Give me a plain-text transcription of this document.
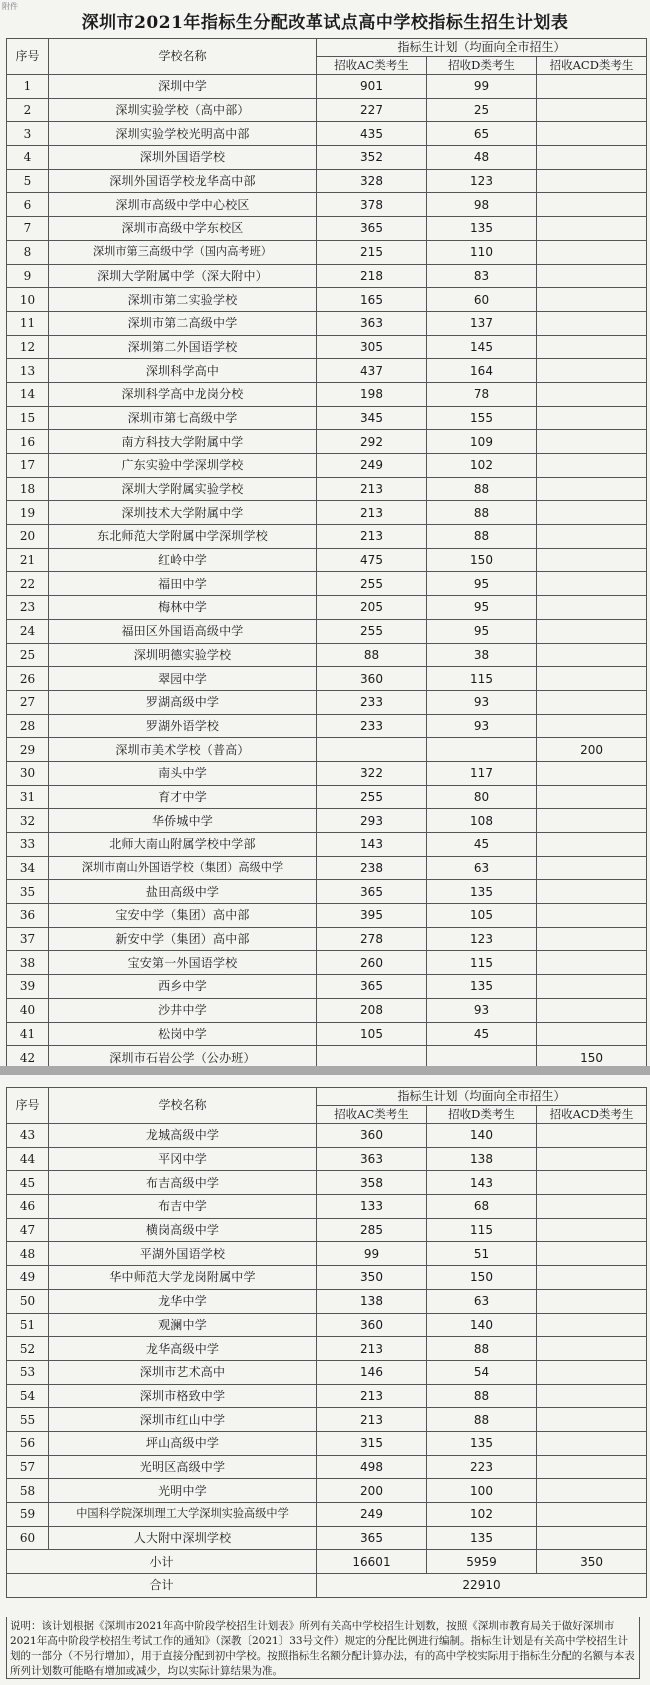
附件
深圳市2021年指标生分配改革试点高中学校指标生招生计划表
序号	学校名称	指标生计划（均面向全市招生）		
		招收AC类考生	招收D类考生	招收ACD类考生
1	深圳中学	901	99	
2	深圳实验学校（高中部）	227	25	
3	深圳实验学校光明高中部	435	65	
4	深圳外国语学校	352	48	
5	深圳外国语学校龙华高中部	328	123	
6	深圳市高级中学中心校区	378	98	
7	深圳市高级中学东校区	365	135	
8	深圳市第三高级中学（国内高考班）	215	110	
9	深圳大学附属中学（深大附中）	218	83	
10	深圳市第二实验学校	165	60	
11	深圳市第二高级中学	363	137	
12	深圳第二外国语学校	305	145	
13	深圳科学高中	437	164	
14	深圳科学高中龙岗分校	198	78	
15	深圳市第七高级中学	345	155	
16	南方科技大学附属中学	292	109	
17	广东实验中学深圳学校	249	102	
18	深圳大学附属实验学校	213	88	
19	深圳技术大学附属中学	213	88	
20	东北师范大学附属中学深圳学校	213	88	
21	红岭中学	475	150	
22	福田中学	255	95	
23	梅林中学	205	95	
24	福田区外国语高级中学	255	95	
25	深圳明德实验学校	88	38	
26	翠园中学	360	115	
27	罗湖高级中学	233	93	
28	罗湖外语学校	233	93	
29	深圳市美术学校（普高）			200
30	南头中学	322	117	
31	育才中学	255	80	
32	华侨城中学	293	108	
33	北师大南山附属学校中学部	143	45	
34	深圳市南山外国语学校（集团）高级中学	238	63	
35	盐田高级中学	365	135	
36	宝安中学（集团）高中部	395	105	
37	新安中学（集团）高中部	278	123	
38	宝安第一外国语学校	260	115	
39	西乡中学	365	135	
40	沙井中学	208	93	
41	松岗中学	105	45	
42	深圳市石岩公学（公办班）			150
序号	学校名称	指标生计划（均面向全市招生）		
		招收AC类考生	招收D类考生	招收ACD类考生
43	龙城高级中学	360	140	
44	平冈中学	363	138	
45	布吉高级中学	358	143	
46	布吉中学	133	68	
47	横岗高级中学	285	115	
48	平湖外国语学校	99	51	
49	华中师范大学龙岗附属中学	350	150	
50	龙华中学	138	63	
51	观澜中学	360	140	
52	龙华高级中学	213	88	
53	深圳市艺术高中	146	54	
54	深圳市格致中学	213	88	
55	深圳市红山中学	213	88	
56	坪山高级中学	315	135	
57	光明区高级中学	498	223	
58	光明中学	200	100	
59	中国科学院深圳理工大学深圳实验高级中学	249	102	
60	人大附中深圳学校	365	135	
小计		16601	5959	350
合计		22910		
说明：该计划根据《深圳市2021年高中阶段学校招生计划表》所列有关高中学校招生计划数，按照《深圳市教育局关于做好深圳市2021年高中阶段学校招生考试工作的通知》（深教〔2021〕33号文件）规定的分配比例进行编制。指标生计划是有关高中学校招生计划的一部分（不另行增加），用于直接分配到初中学校。按照指标生名额分配计算办法，有的高中学校实际用于指标生分配的名额与本表所列计划数可能略有增加或减少，均以实际计算结果为准。
